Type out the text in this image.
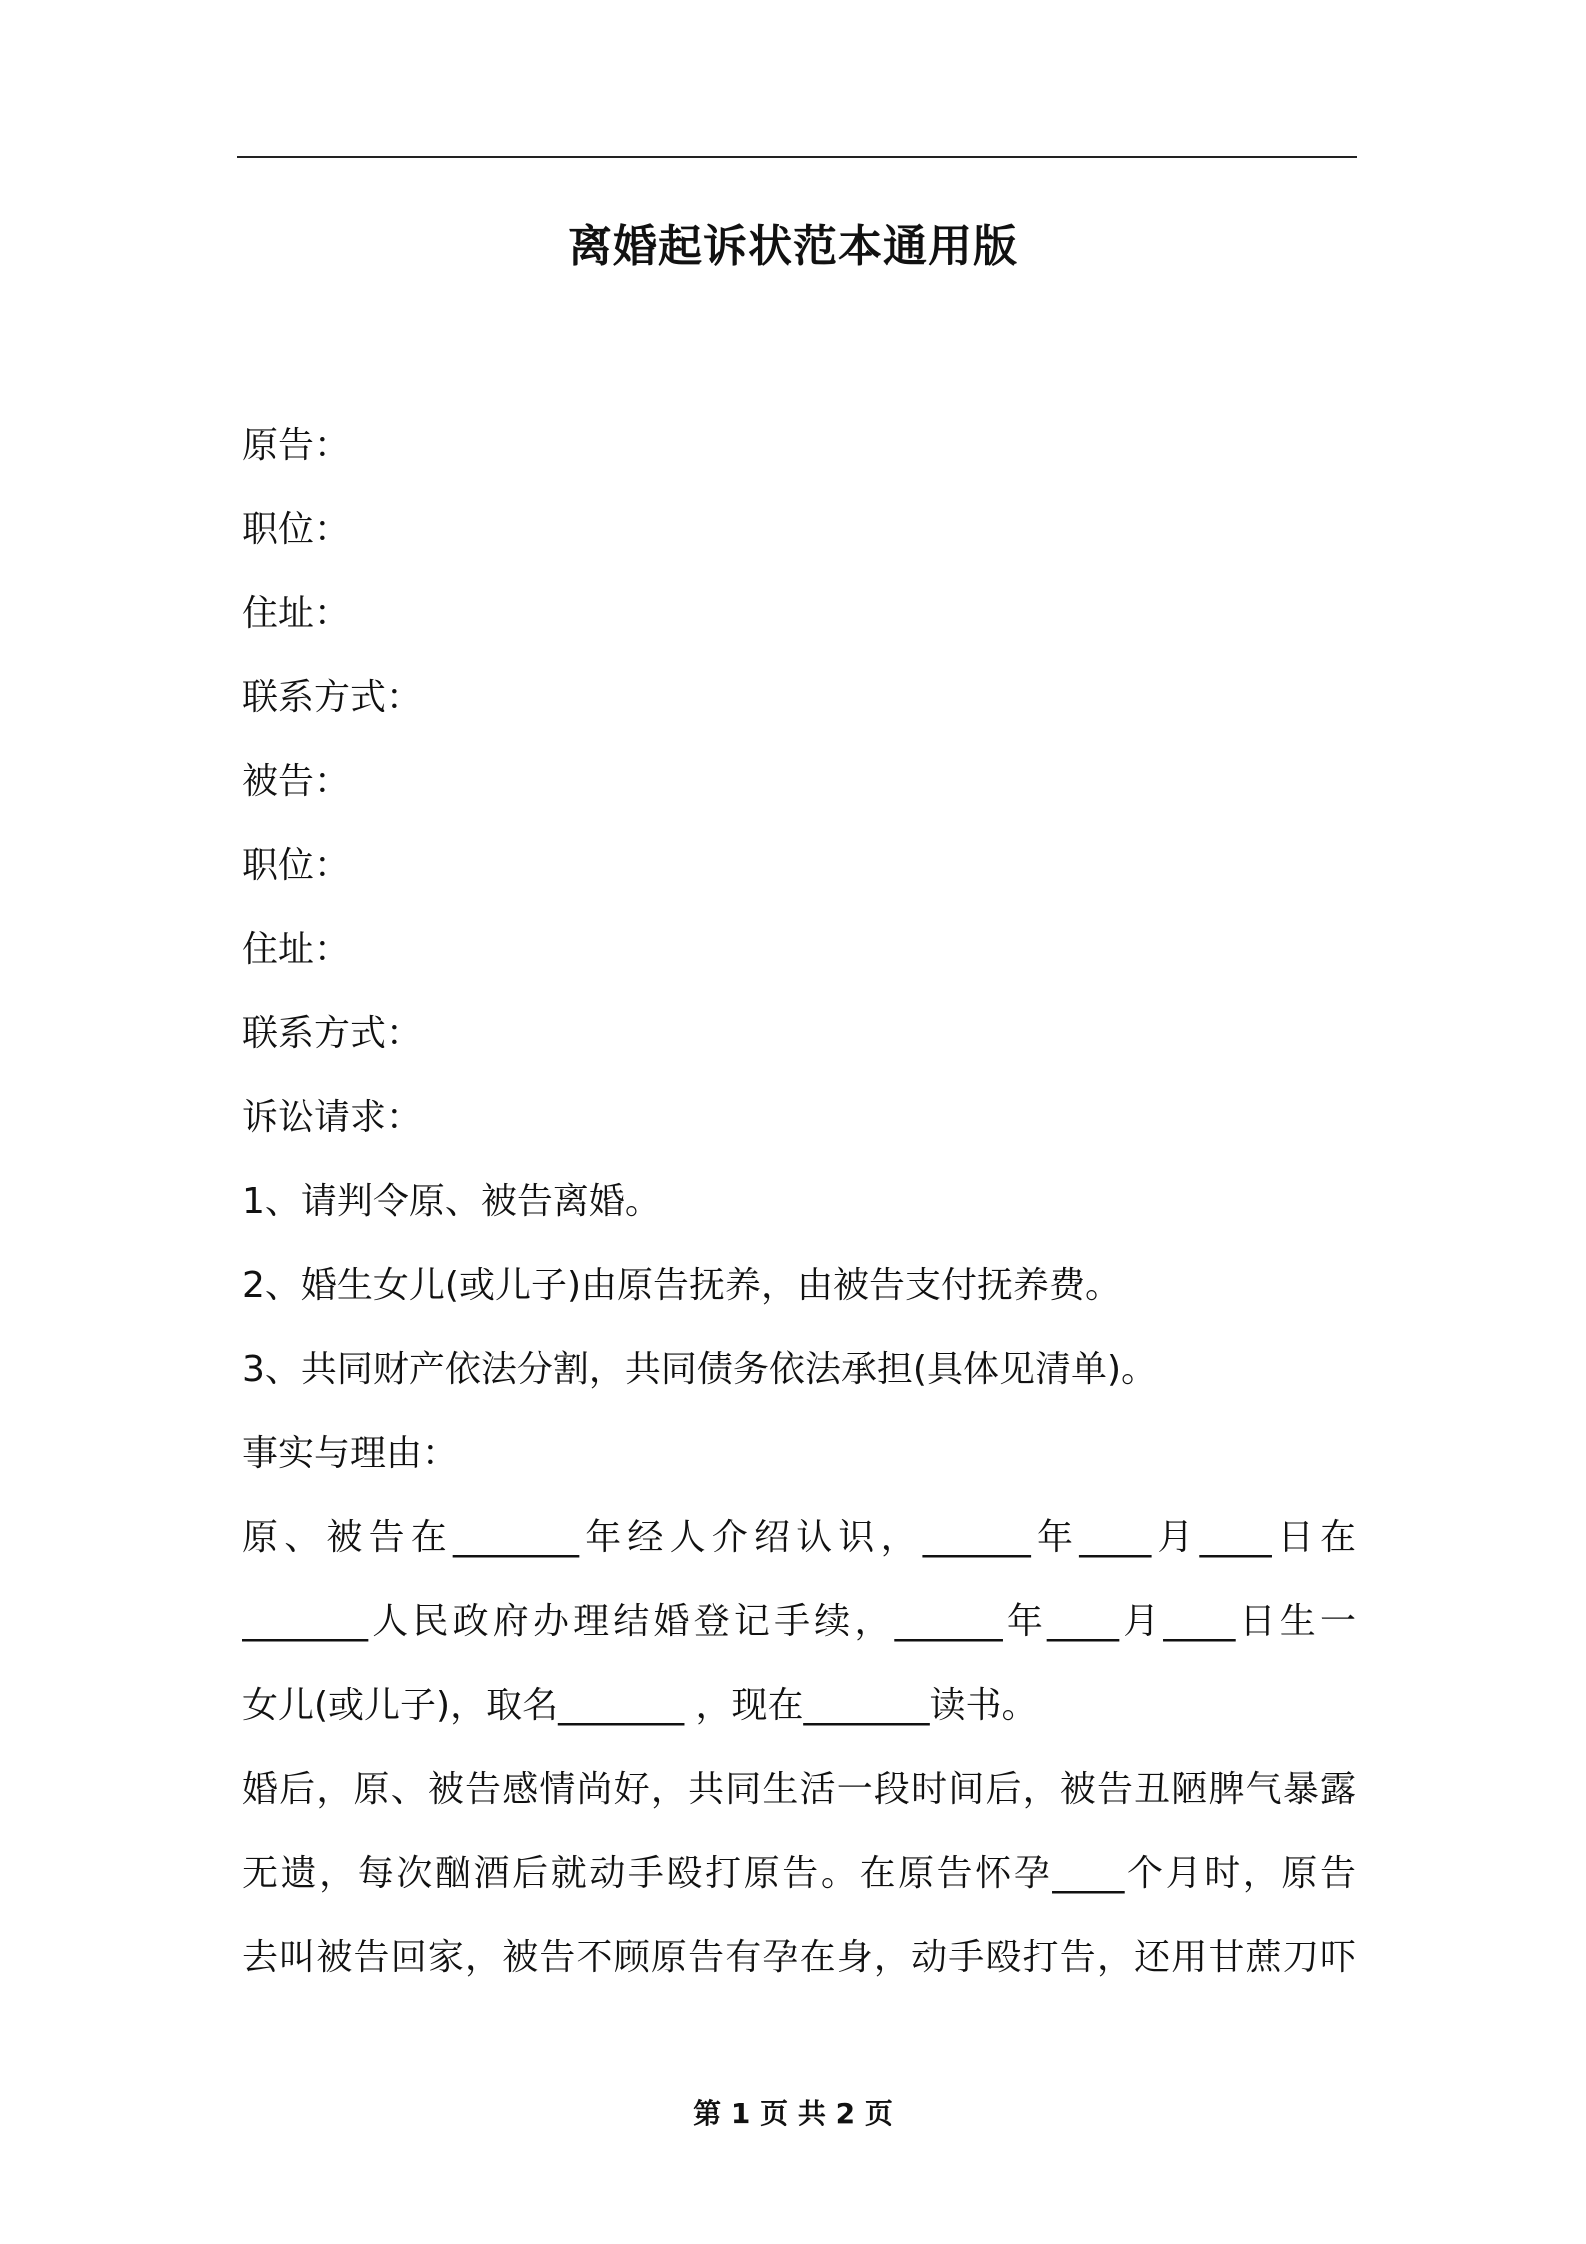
离婚起诉状范本通用版
原告：
职位：
住址：
联系方式：
被告：
职位：
住址：
联系方式：
诉讼请求：
1、请判令原、被告离婚。
2、婚生女儿(或儿子)由原告抚养，由被告支付抚养费。
3、共同财产依法分割，共同债务依法承担(具体见清单)。
事实与理由：
原、被告在_______年经人介绍认识，______年____月____日在
_______人民政府办理结婚登记手续，______年____月____日生一
女儿(或儿子)，取名_______ ，现在_______读书。
婚后，原、被告感情尚好，共同生活一段时间后，被告丑陋脾气暴露
无遗，每次酗酒后就动手殴打原告。在原告怀孕____个月时，原告
去叫被告回家，被告不顾原告有孕在身，动手殴打告，还用甘蔗刀吓
第 1 页 共 2 页
